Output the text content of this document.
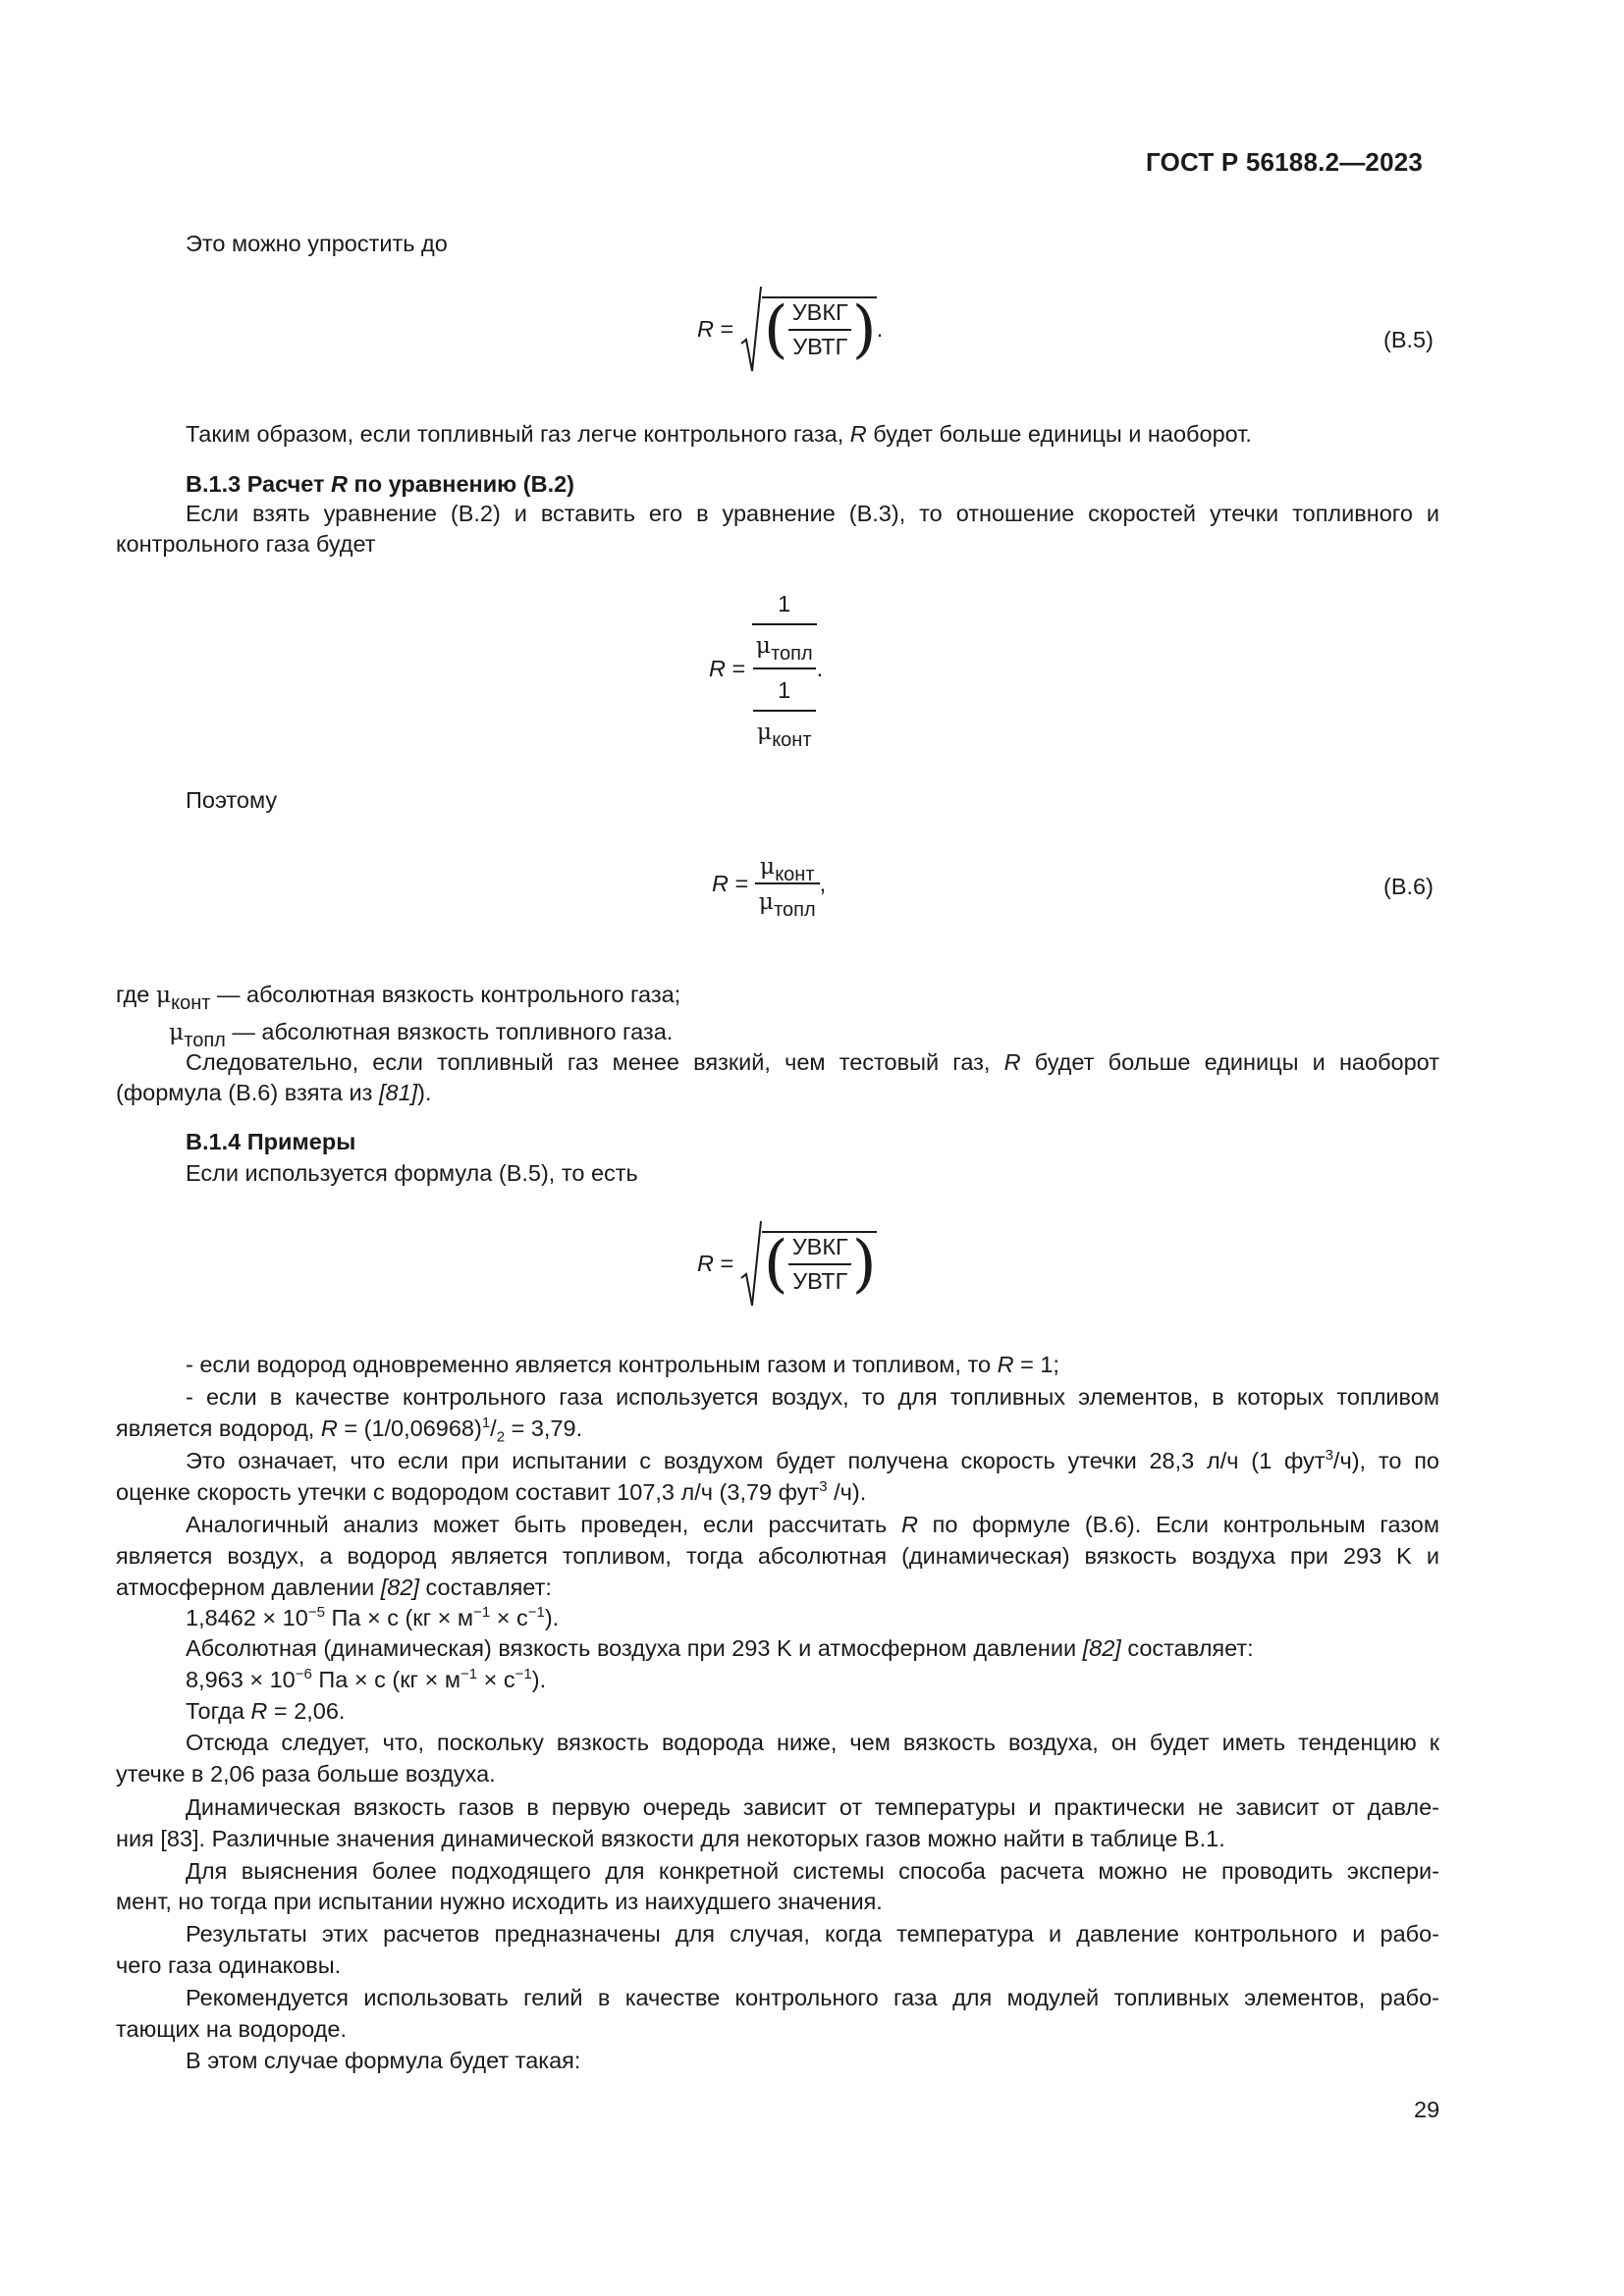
ГОСТ Р 56188.2—2023
Это можно упростить до
R = ( $\frac{\text{УВКГ}}{\text{УВТГ}}$ ) .	(B.5)
Таким образом, если топливный газ легче контрольного газа, R будет больше единицы и наоборот.
B.1.3 Расчет R по уравнению (B.2)
Если взять уравнение (B.2) и вставить его в уравнение (B.3), то отношение скоростей утечки топливного и
контрольного газа будет
$R = \frac{\frac{1}{\text{μтопл}}}{\frac{1}{\text{μконт}}}$ .
Поэтому
$R = \frac{\text{μконт}}{\text{μтопл}}$ ,	(B.6)
где μконт — абсолютная вязкость контрольного газа;
μтопл — абсолютная вязкость топливного газа.
Следовательно, если топливный газ менее вязкий, чем тестовый газ, R будет больше единицы и наоборот
(формула (B.6) взята из [81]).
B.1.4 Примеры
Если используется формула (B.5), то есть
R = ( $\frac{\text{УВКГ}}{\text{УВТГ}}$ )
- если водород одновременно является контрольным газом и топливом, то R = 1;
- если в качестве контрольного газа используется воздух, то для топливных элементов, в которых топливом
является водород, $R = (1/0,06968)^1/_2 = 3,79$.
Это означает, что если при испытании с воздухом будет получена скорость утечки 28,3 л/ч (1 фут$^3$/ч), то по
оценке скорость утечки с водородом составит 107,3 л/ч (3,79 фут$^3$ /ч).
Аналогичный анализ может быть проведен, если рассчитать R по формуле (B.6). Если контрольным газом
является воздух, а водород является топливом, тогда абсолютная (динамическая) вязкость воздуха при 293 K и
атмосферном давлении [82] составляет:
$1,8462 \times 10^{-5}$ Па × с $(кг \times м^{-1} \times с^{-1})$.
Абсолютная (динамическая) вязкость воздуха при 293 K и атмосферном давлении [82] составляет:
$8,963 \times 10^{-6}$ Па × с $(кг \times м^{-1} \times с^{-1})$.
Тогда R = 2,06.
Отсюда следует, что, поскольку вязкость водорода ниже, чем вязкость воздуха, он будет иметь тенденцию к
утечке в 2,06 раза больше воздуха.
Динамическая вязкость газов в первую очередь зависит от температуры и практически не зависит от давле-
ния [83]. Различные значения динамической вязкости для некоторых газов можно найти в таблице B.1.
Для выяснения более подходящего для конкретной системы способа расчета можно не проводить экспери-
мент, но тогда при испытании нужно исходить из наихудшего значения.
Результаты этих расчетов предназначены для случая, когда температура и давление контрольного и рабо-
чего газа одинаковы.
Рекомендуется использовать гелий в качестве контрольного газа для модулей топливных элементов, рабо-
тающих на водороде.
В этом случае формула будет такая:
29
